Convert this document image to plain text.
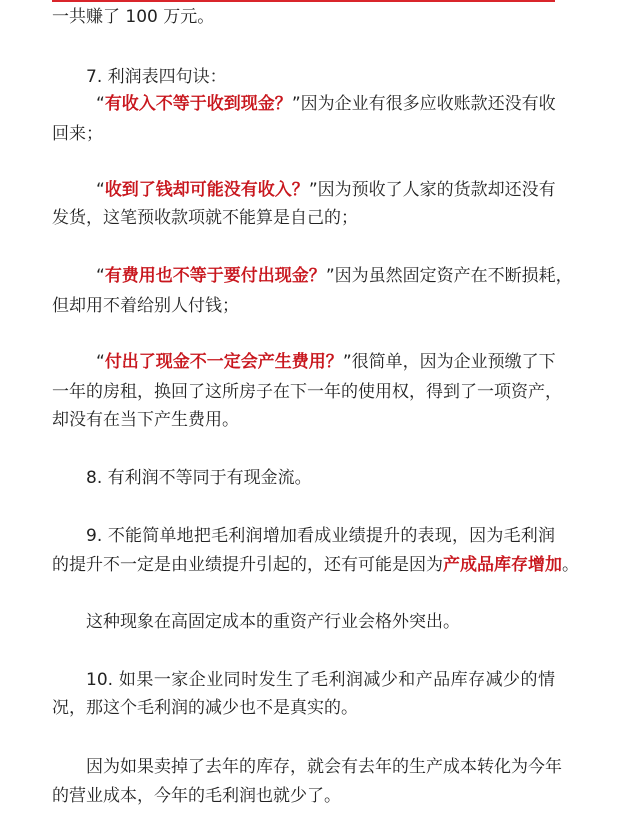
一共赚了 100 万元。
7. 利润表四句诀：
“有收入不等于收到现金？”因为企业有很多应收账款还没有收
回来；
“收到了钱却可能没有收入？”因为预收了人家的货款却还没有
发货，这笔预收款项就不能算是自己的；
“有费用也不等于要付出现金？”因为虽然固定资产在不断损耗，
但却用不着给别人付钱；
“付出了现金不一定会产生费用？”很简单，因为企业预缴了下
一年的房租，换回了这所房子在下一年的使用权，得到了一项资产，
却没有在当下产生费用。
8. 有利润不等同于有现金流。
9. 不能简单地把毛利润增加看成业绩提升的表现，因为毛利润
的提升不一定是由业绩提升引起的，还有可能是因为产成品库存增加。
这种现象在高固定成本的重资产行业会格外突出。
10. 如果一家企业同时发生了毛利润减少和产品库存减少的情
况，那这个毛利润的减少也不是真实的。
因为如果卖掉了去年的库存，就会有去年的生产成本转化为今年
的营业成本，今年的毛利润也就少了。
